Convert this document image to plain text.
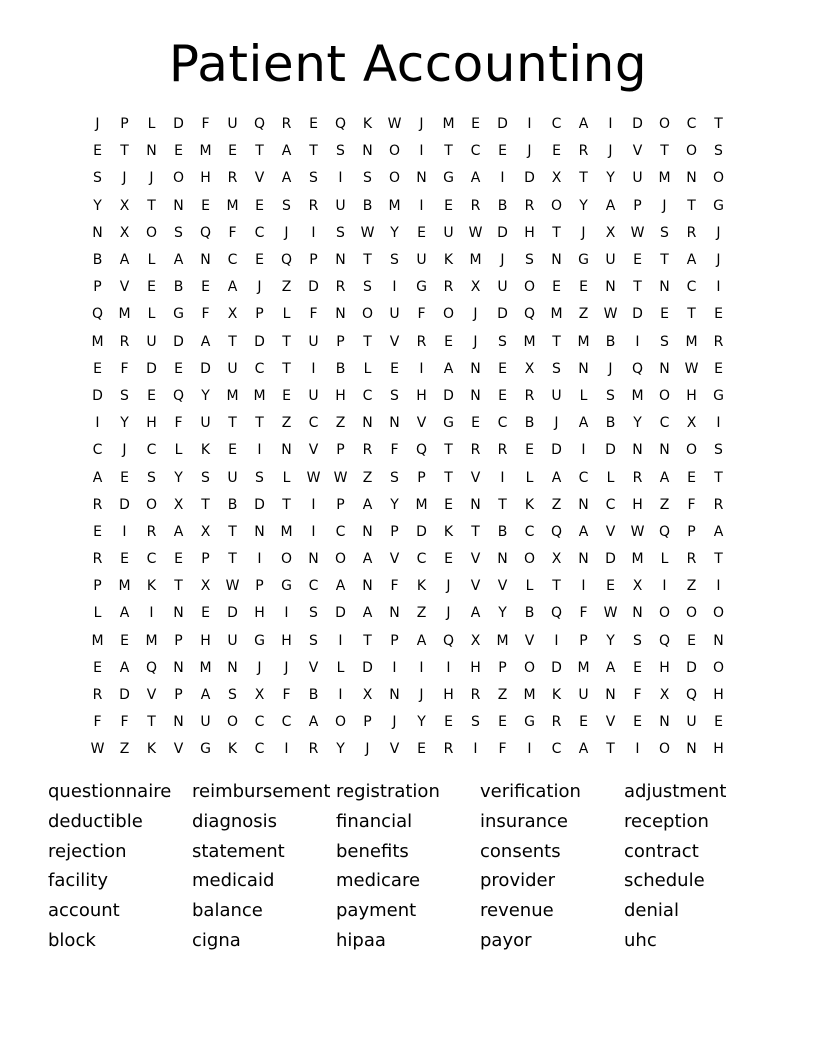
Patient Accounting
J	P	L	D	F	U	Q	R	E	Q	K	W	J	M	E	D	I	C	A	I	D	O	C	T
E	T	N	E	M	E	T	A	T	S	N	O	I	T	C	E	J	E	R	J	V	T	O	S
S	J	J	O	H	R	V	A	S	I	S	O	N	G	A	I	D	X	T	Y	U	M	N	O
Y	X	T	N	E	M	E	S	R	U	B	M	I	E	R	B	R	O	Y	A	P	J	T	G
N	X	O	S	Q	F	C	J	I	S	W	Y	E	U	W	D	H	T	J	X	W	S	R	J
B	A	L	A	N	C	E	Q	P	N	T	S	U	K	M	J	S	N	G	U	E	T	A	J
P	V	E	B	E	A	J	Z	D	R	S	I	G	R	X	U	O	E	E	N	T	N	C	I
Q	M	L	G	F	X	P	L	F	N	O	U	F	O	J	D	Q	M	Z	W	D	E	T	E
M	R	U	D	A	T	D	T	U	P	T	V	R	E	J	S	M	T	M	B	I	S	M	R
E	F	D	E	D	U	C	T	I	B	L	E	I	A	N	E	X	S	N	J	Q	N	W	E
D	S	E	Q	Y	M	M	E	U	H	C	S	H	D	N	E	R	U	L	S	M	O	H	G
I	Y	H	F	U	T	T	Z	C	Z	N	N	V	G	E	C	B	J	A	B	Y	C	X	I
C	J	C	L	K	E	I	N	V	P	R	F	Q	T	R	R	E	D	I	D	N	N	O	S
A	E	S	Y	S	U	S	L	W W	Z	S	P	T	V	I	L	A	C	L	R	A	E	T
R	D	O	X	T	B	D	T	I	P	A	Y	M	E	N	T	K	Z	N	C	H	Z	F	R
E	I	R	A	X	T	N	M	I	C	N	P	D	K	T	B	C	Q	A	V	W	Q	P	A
R	E	C	E	P	T	I	O	N	O	A	V	C	E	V	N	O	X	N	D	M	L	R	T
P	M	K	T	X	W	P	G	C	A	N	F	K	J	V	V	L	T	I	E	X	I	Z	I
L	A	I	N	E	D	H	I	S	D	A	N	Z	J	A	Y	B	Q	F	W	N	O	O	O
M	E	M	P	H	U	G	H	S	I	T	P	A	Q	X	M	V	I	P	Y	S	Q	E	N
E	A	Q	N	M	N	J	J	V	L	D	I	I	I	H	P	O	D	M	A	E	H	D	O
R	D	V	P	A	S	X	F	B	I	X	N	J	H	R	Z	M	K	U	N	F	X	Q	H
F	F	T	N	U	O	C	C	A	O	P	J	Y	E	S	E	G	R	E	V	E	N	U	E
W	Z	K	V	G	K	C	I	R	Y	J	V	E	R	I	F	I	C	A	T	I	O	N	H
questionnaire	reimbursement registration	verification	adjustment
deductible	diagnosis	financial	insurance	reception
rejection	statement	benefits	consents	contract
facility	medicaid	medicare	provider	schedule
account	balance	payment	revenue	denial
block	cigna	hipaa	payor	uhc
